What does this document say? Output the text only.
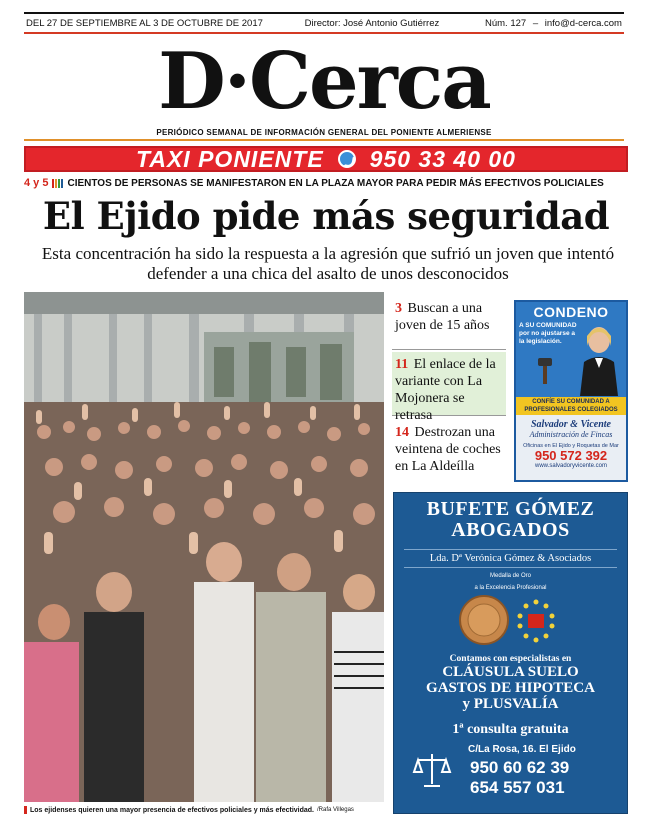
DEL 27 DE SEPTIEMBRE AL 3 DE OCTUBRE DE 2017	Director: José Antonio Gutiérrez	Núm. 127 – info@d-cerca.com
D·Cerca
PERIÓDICO SEMANAL DE INFORMACIÓN GENERAL DEL PONIENTE ALMERIENSE
TAXI PONIENTE 950 33 40 00
4 y 5 CIENTOS DE PERSONAS SE MANIFESTARON EN LA PLAZA MAYOR PARA PEDIR MÁS EFECTIVOS POLICIALES
El Ejido pide más seguridad

Esta concentración ha sido la respuesta a la agresión que sufrió un joven que intentó defender a una chica del asalto de unos desconocidos

Los ejidenses quieren una mayor presencia de efectivos policiales y más efectividad. /Rafa Villegas
3 Buscan a una joven de 15 años
11 El enlace de la variante con La Mojonera se retrasa
14 Destrozan una veintena de coches en La Aldeílla
CONDENO
A SU COMUNIDAD por no ajustarse a la legislación.
CONFÍE SU COMUNIDAD A PROFESIONALES COLEGIADOS
Salvador & Vicente
Administración de Fincas
Oficinas en El Ejido y Roquetas de Mar
950 572 392
www.salvadoryvicente.com
BUFETE GÓMEZ
ABOGADOS
Lda. Dª Verónica Gómez & Asociados
Medalla de Oro
a la Excelencia Profesional
Contamos con especialistas en
CLÁUSULA SUELO
GASTOS DE HIPOTECA
y PLUSVALÍA
1ª consulta gratuita
C/La Rosa, 16. El Ejido
950 60 62 39
654 557 031
